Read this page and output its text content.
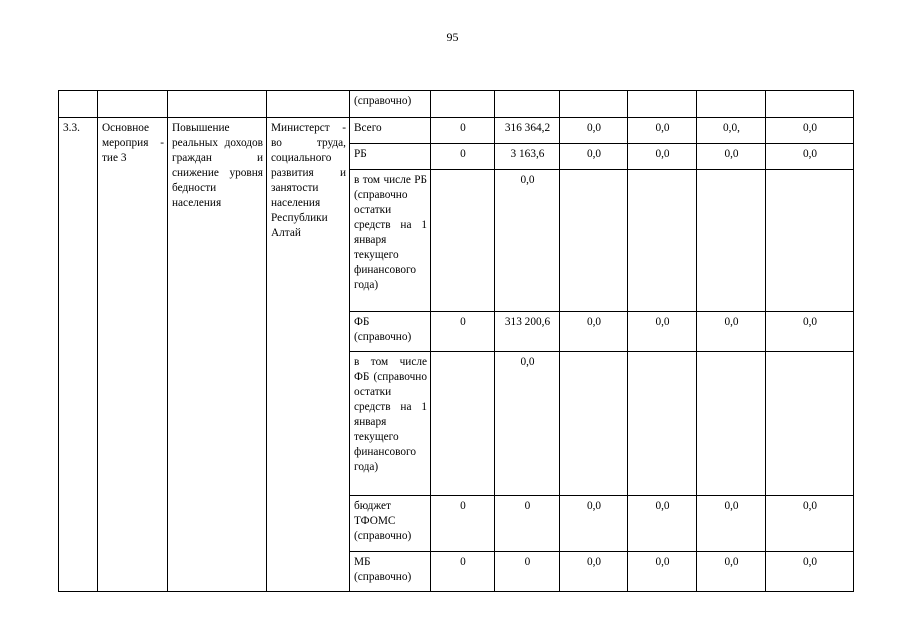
95
				(справочно)						
3.3.	Основное мероприя - тие 3	Повышение реальных доходов граждан и снижение уровня бедности населения	Министерст - во труда, социального развития и занятости населения Республики Алтай	Всего	0	316 364,2	0,0	0,0	0,0,	0,0
				РБ	0	3 163,6	0,0	0,0	0,0	0,0
				в том числе РБ (справочно остатки средств на 1 января текущего финансового года)		0,0				
				ФБ (справочно)	0	313 200,6	0,0	0,0	0,0	0,0
				в том числе ФБ (справочно остатки средств на 1 января текущего финансового года)		0,0				
				бюджет ТФОМС (справочно)	0	0	0,0	0,0	0,0	0,0
				МБ (справочно)	0	0	0,0	0,0	0,0	0,0
